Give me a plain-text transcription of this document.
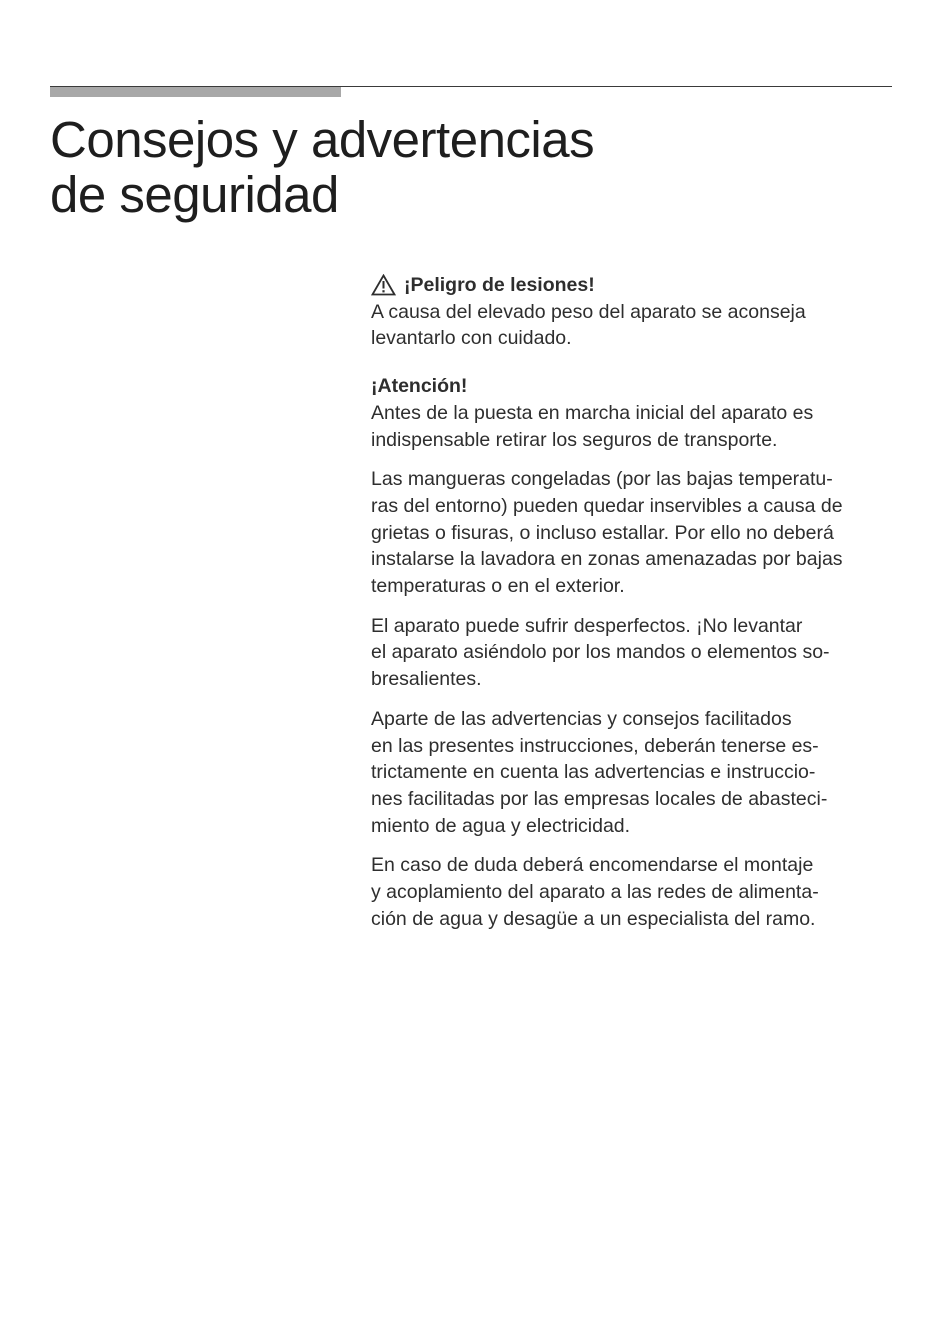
Consejos y advertencias
de seguridad
¡Peligro de lesiones!

A causa del elevado peso del aparato se aconseja
levantarlo con cuidado.

¡Atención!

Antes de la puesta en marcha inicial del aparato es
indispensable retirar los seguros de transporte.

Las mangueras congeladas (por las bajas temperatu-
ras del entorno) pueden quedar inservibles a causa de
grietas o fisuras, o incluso estallar. Por ello no deberá
instalarse la lavadora en zonas amenazadas por bajas
temperaturas o en el exterior.

El aparato puede sufrir desperfectos. ¡No levantar
el aparato asiéndolo por los mandos o elementos so-
bresalientes.

Aparte de las advertencias y consejos facilitados
en las presentes instrucciones, deberán tenerse es-
trictamente en cuenta las advertencias e instruccio-
nes facilitadas por las empresas locales de abasteci-
miento de agua y electricidad.

En caso de duda deberá encomendarse el montaje
y acoplamiento del aparato a las redes de alimenta-
ción de agua y desagüe a un especialista del ramo.
